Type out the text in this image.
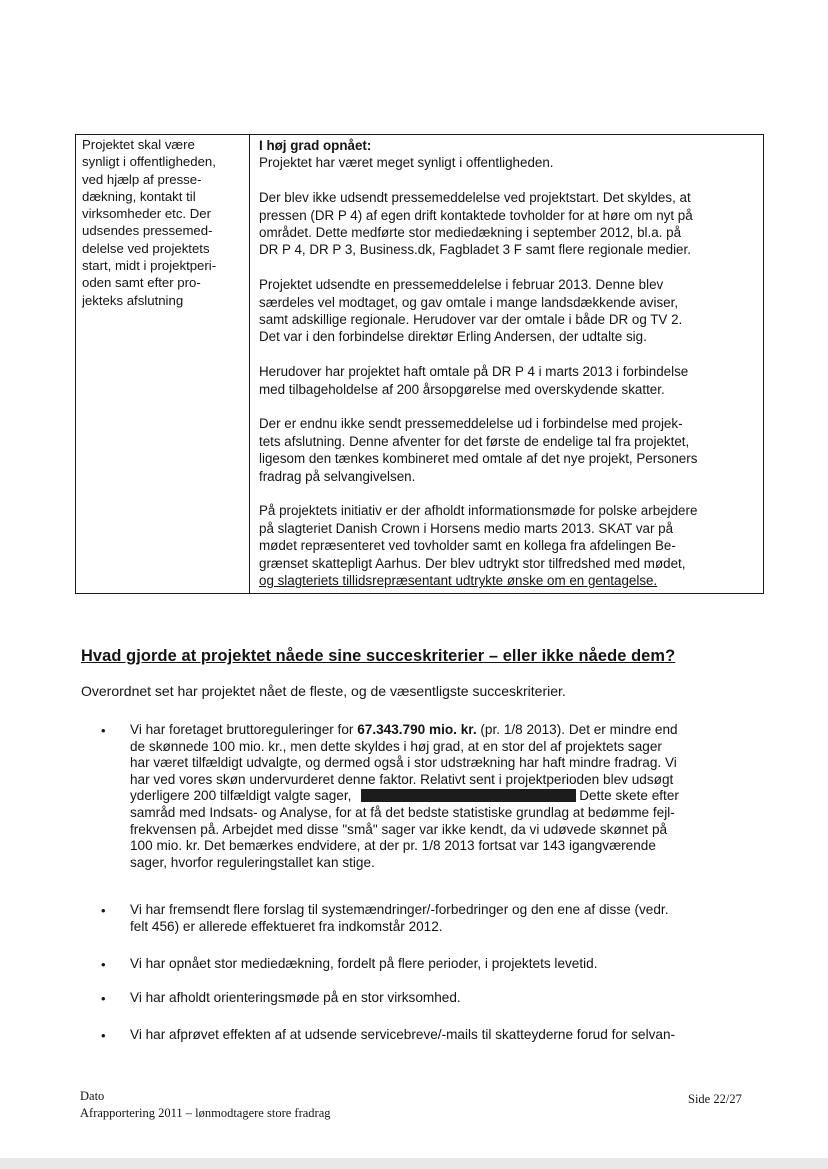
Projektet skal være
synligt i offentligheden,
ved hjælp af presse-
dækning, kontakt til
virksomheder etc. Der
udsendes pressemed-
delelse ved projektets
start, midt i projektperi-
oden samt efter pro-
jekteks afslutning
I høj grad opnået:
Projektet har været meget synligt i offentligheden.
Der blev ikke udsendt pressemeddelelse ved projektstart. Det skyldes, at
pressen (DR P 4) af egen drift kontaktede tovholder for at høre om nyt på
området. Dette medførte stor mediedækning i september 2012, bl.a. på
DR P 4, DR P 3, Business.dk, Fagbladet 3 F samt flere regionale medier.
Projektet udsendte en pressemeddelelse i februar 2013. Denne blev
særdeles vel modtaget, og gav omtale i mange landsdækkende aviser,
samt adskillige regionale. Herudover var der omtale i både DR og TV 2.
Det var i den forbindelse direktør Erling Andersen, der udtalte sig.
Herudover har projektet haft omtale på DR P 4 i marts 2013 i forbindelse
med tilbageholdelse af 200 årsopgørelse med overskydende skatter.
Der er endnu ikke sendt pressemeddelelse ud i forbindelse med projek-
tets afslutning. Denne afventer for det første de endelige tal fra projektet,
ligesom den tænkes kombineret med omtale af det nye projekt, Personers
fradrag på selvangivelsen.
På projektets initiativ er der afholdt informationsmøde for polske arbejdere
på slagteriet Danish Crown i Horsens medio marts 2013. SKAT var på
mødet repræsenteret ved tovholder samt en kollega fra afdelingen Be-
grænset skattepligt Aarhus. Der blev udtrykt stor tilfredshed med mødet,
og slagteriets tillidsrepræsentant udtrykte ønske om en gentagelse.
Hvad gjorde at projektet nåede sine succeskriterier – eller ikke nåede dem?
Overordnet set har projektet nået de fleste, og de væsentligste succeskriterier.
• Vi har foretaget bruttoreguleringer for 67.343.790 mio. kr. (pr. 1/8 2013). Det er mindre end
de skønnede 100 mio. kr., men dette skyldes i høj grad, at en stor del af projektets sager
har været tilfældigt udvalgte, og dermed også i stor udstrækning har haft mindre fradrag. Vi
har ved vores skøn undervurderet denne faktor. Relativt sent i projektperioden blev udsøgt
yderligere 200 tilfældigt valgte sager,	Dette skete efter
samråd med Indsats- og Analyse, for at få det bedste statistiske grundlag at bedømme fejl-
frekvensen på. Arbejdet med disse "små" sager var ikke kendt, da vi udøvede skønnet på
100 mio. kr. Det bemærkes endvidere, at der pr. 1/8 2013 fortsat var 143 igangværende
sager, hvorfor reguleringstallet kan stige.
• Vi har fremsendt flere forslag til systemændringer/-forbedringer og den ene af disse (vedr.
felt 456) er allerede effektueret fra indkomstår 2012.
• Vi har opnået stor mediedækning, fordelt på flere perioder, i projektets levetid.
• Vi har afholdt orienteringsmøde på en stor virksomhed.
• Vi har afprøvet effekten af at udsende servicebreve/-mails til skatteyderne forud for selvan-
Dato
Afrapportering 2011 – lønmodtagere store fradrag
Side 22/27
